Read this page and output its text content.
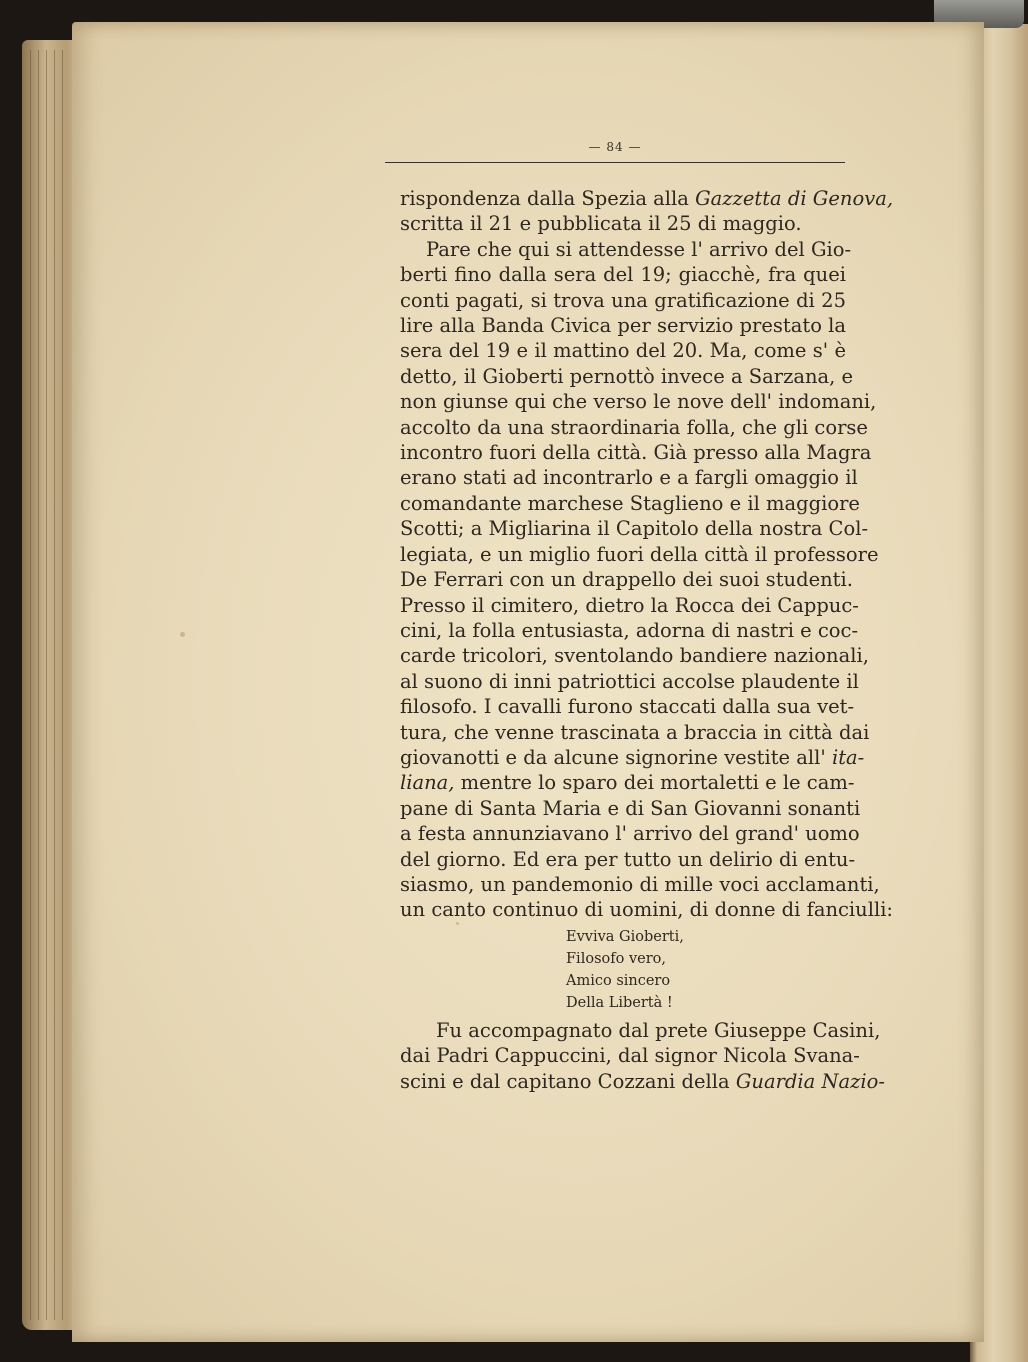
— 84 —
rispondenza dalla Spezia alla Gazzetta di Genova,
scritta il 21 e pubblicata il 25 di maggio.
Pare che qui si attendesse l' arrivo del Gio-
berti fino dalla sera del 19; giacchè, fra quei
conti pagati, si trova una gratificazione di 25
lire alla Banda Civica per servizio prestato la
sera del 19 e il mattino del 20. Ma, come s' è
detto, il Gioberti pernottò invece a Sarzana, e
non giunse qui che verso le nove dell' indomani,
accolto da una straordinaria folla, che gli corse
incontro fuori della città. Già presso alla Magra
erano stati ad incontrarlo e a fargli omaggio il
comandante marchese Staglieno e il maggiore
Scotti; a Migliarina il Capitolo della nostra Col-
legiata, e un miglio fuori della città il professore
De Ferrari con un drappello dei suoi studenti.
Presso il cimitero, dietro la Rocca dei Cappuc-
cini, la folla entusiasta, adorna di nastri e coc-
carde tricolori, sventolando bandiere nazionali,
al suono di inni patriottici accolse plaudente il
filosofo. I cavalli furono staccati dalla sua vet-
tura, che venne trascinata a braccia in città dai
giovanotti e da alcune signorine vestite all' ita-
liana, mentre lo sparo dei mortaletti e le cam-
pane di Santa Maria e di San Giovanni sonanti
a festa annunziavano l' arrivo del grand' uomo
del giorno. Ed era per tutto un delirio di entu-
siasmo, un pandemonio di mille voci acclamanti,
un canto continuo di uomini, di donne di fanciulli:
Evviva Gioberti,
Filosofo vero,
Amico sincero
Della Libertà !
Fu accompagnato dal prete Giuseppe Casini,
dai Padri Cappuccini, dal signor Nicola Svana-
scini e dal capitano Cozzani della Guardia Nazio-
